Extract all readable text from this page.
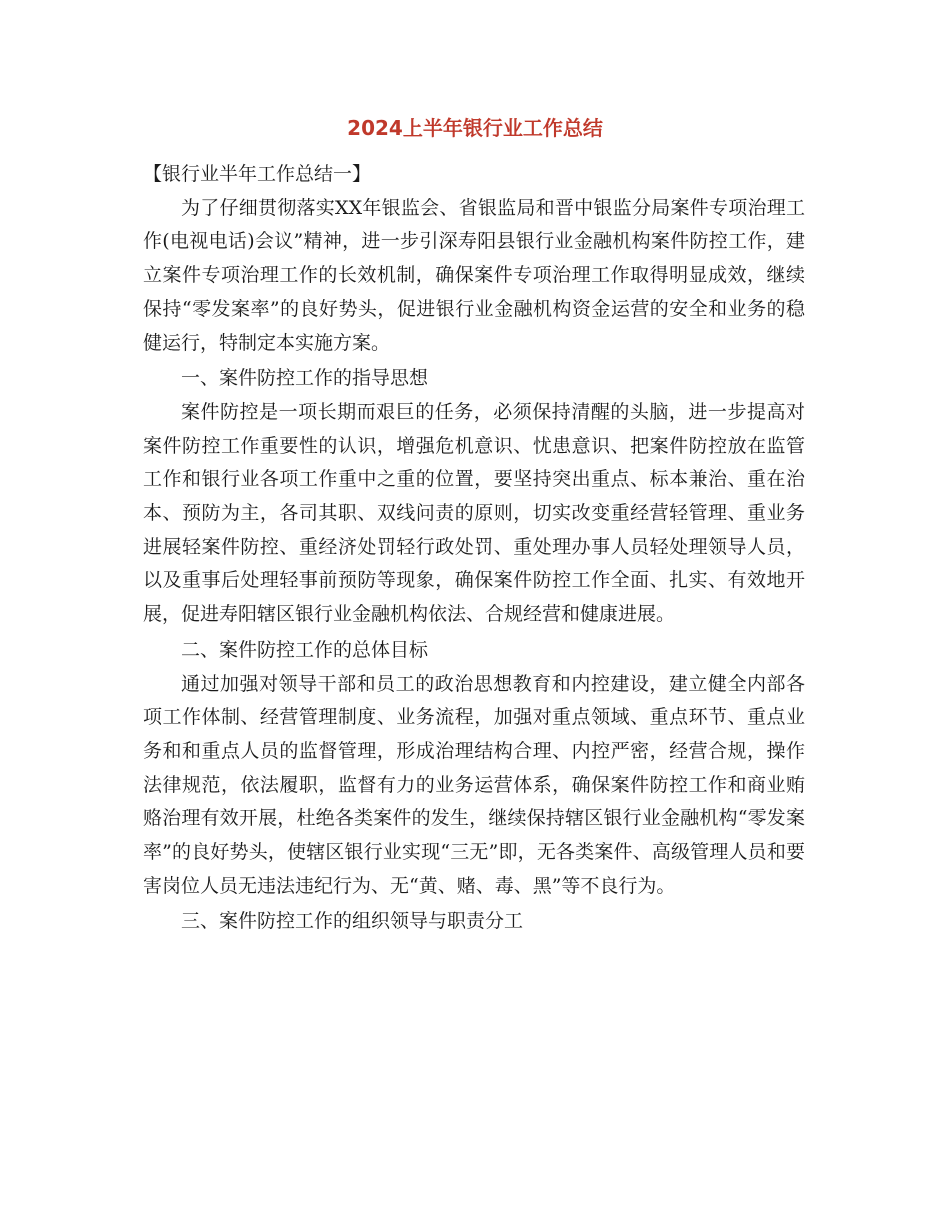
2024上半年银行业工作总结

【银行业半年工作总结一】

为了仔细贯彻落实XX年银监会、省银监局和晋中银监分局案件专项治理工作(电视电话)会议”精神，进一步引深寿阳县银行业金融机构案件防控工作，建立案件专项治理工作的长效机制，确保案件专项治理工作取得明显成效，继续保持“零发案率”的良好势头，促进银行业金融机构资金运营的安全和业务的稳健运行，特制定本实施方案。

一、案件防控工作的指导思想

案件防控是一项长期而艰巨的任务，必须保持清醒的头脑，进一步提高对案件防控工作重要性的认识，增强危机意识、忧患意识、把案件防控放在监管工作和银行业各项工作重中之重的位置，要坚持突出重点、标本兼治、重在治本、预防为主，各司其职、双线问责的原则，切实改变重经营轻管理、重业务进展轻案件防控、重经济处罚轻行政处罚、重处理办事人员轻处理领导人员，以及重事后处理轻事前预防等现象，确保案件防控工作全面、扎实、有效地开展，促进寿阳辖区银行业金融机构依法、合规经营和健康进展。

二、案件防控工作的总体目标

通过加强对领导干部和员工的政治思想教育和内控建设，建立健全内部各项工作体制、经营管理制度、业务流程，加强对重点领域、重点环节、重点业务和和重点人员的监督管理，形成治理结构合理、内控严密，经营合规，操作法律规范，依法履职，监督有力的业务运营体系，确保案件防控工作和商业贿赂治理有效开展，杜绝各类案件的发生，继续保持辖区银行业金融机构“零发案率”的良好势头，使辖区银行业实现“三无”即，无各类案件、高级管理人员和要害岗位人员无违法违纪行为、无“黄、赌、毒、黑”等不良行为。

三、案件防控工作的组织领导与职责分工
